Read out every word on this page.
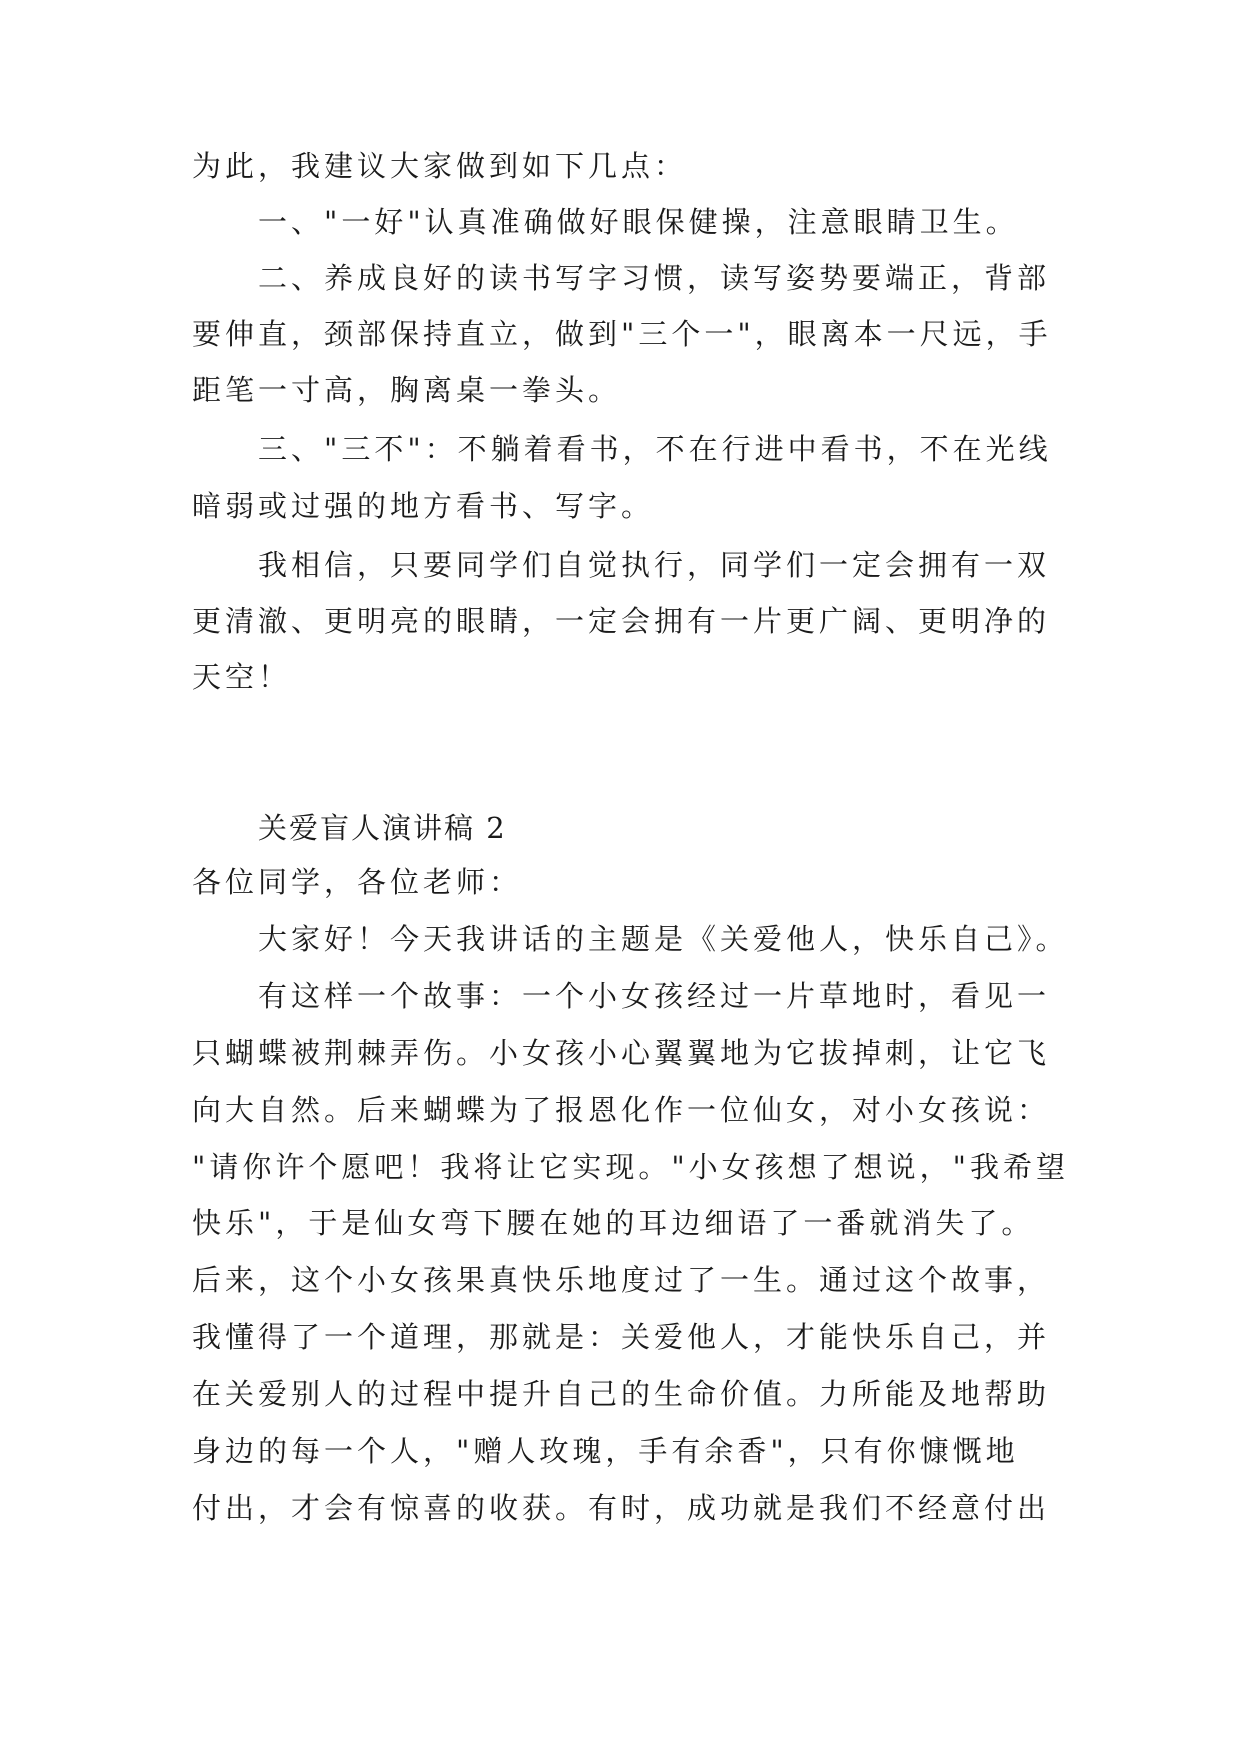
为此，我建议大家做到如下几点：
一、"一好"认真准确做好眼保健操，注意眼睛卫生。
二、养成良好的读书写字习惯，读写姿势要端正，背部
要伸直，颈部保持直立，做到"三个一"，眼离本一尺远，手
距笔一寸高，胸离桌一拳头。
三、"三不"：不躺着看书，不在行进中看书，不在光线
暗弱或过强的地方看书、写字。
我相信，只要同学们自觉执行，同学们一定会拥有一双
更清澈、更明亮的眼睛，一定会拥有一片更广阔、更明净的
天空！
关爱盲人演讲稿 2
各位同学，各位老师：
大家好！今天我讲话的主题是《关爱他人，快乐自己》。
有这样一个故事：一个小女孩经过一片草地时，看见一
只蝴蝶被荆棘弄伤。小女孩小心翼翼地为它拔掉刺，让它飞
向大自然。后来蝴蝶为了报恩化作一位仙女，对小女孩说：
"请你许个愿吧！我将让它实现。"小女孩想了想说，"我希望
快乐"，于是仙女弯下腰在她的耳边细语了一番就消失了。
后来，这个小女孩果真快乐地度过了一生。通过这个故事，
我懂得了一个道理，那就是：关爱他人，才能快乐自己，并
在关爱别人的过程中提升自己的生命价值。力所能及地帮助
身边的每一个人，"赠人玫瑰，手有余香"，只有你慷慨地
付出，才会有惊喜的收获。有时，成功就是我们不经意付出
